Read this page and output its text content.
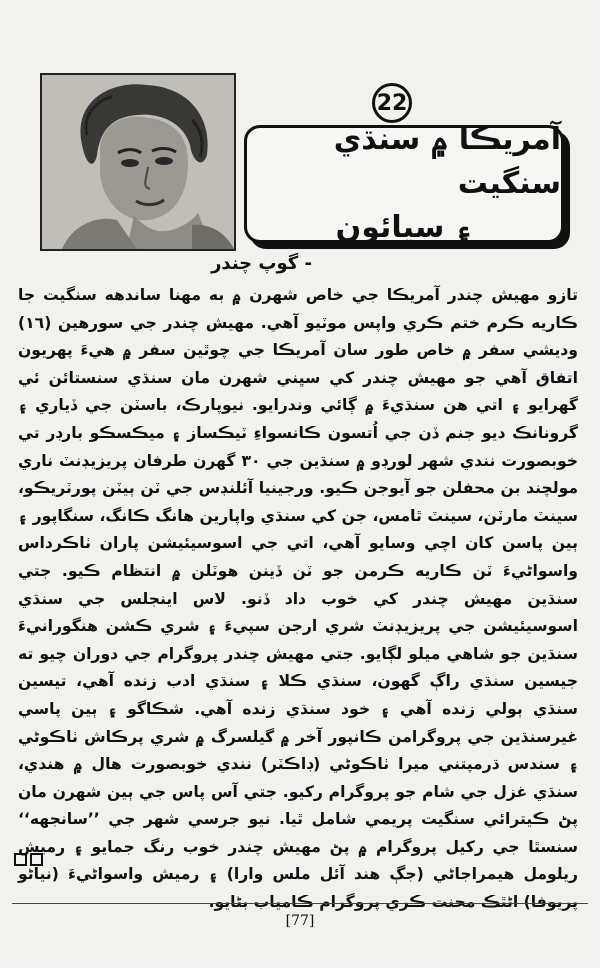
22
آمريڪا ۾ سنڌي سنگيت
۽ سيائون
- گوپ چندر

تازو مهيش چندر آمريڪا جي خاص شهرن ۾ به مهنا ساندهه سنگيت جا ڪاريه ڪرم ختم ڪري واپس موٽيو آهي. مهيش چندر جي سورهين (١٦) وديشي سفر ۾ خاص طور سان آمريڪا جي چوٿين سفر ۾ هيءَ پهريون اتفاق آهي جو مهيش چندر کي سڀني شهرن مان سنڌي سنستائن ئي گهرايو ۽ اتي هن سنڌيءَ ۾ ڳائي وندرايو. نيوپارڪ، باسٽن جي ڏياري ۽ گرونانڪ ديو جنم ڏن جي اُتسون ڪانسواءِ ٽيڪساز ۽ ميڪسڪو بارڊر تي خوبصورت نندي شهر لورڊو ۾ سنڌين جي ٣٠ گهرن طرفان پريزيڊنٽ ناري مولچند بن محفلن جو آيوجن ڪيو. ورجينيا آئلنڊس جي ٽن ٻيٽن پورٽريڪو، سينٽ مارٽن، سينٽ ٿامس، جن کي سنڌي واپارين هانگ ڪانگ، سنگاپور ۽ ٻين پاسن کان اچي وسايو آهي، اتي جي اسوسيئيشن پاران ٺاڪرداس واسواڻيءَ ٽن ڪاريه ڪرمن جو ٽن ڏينن هوٽلن ۾ انتظام ڪيو. جتي سنڌين مهيش چندر کي خوب داد ڏنو. لاس اينجلس جي سنڌي اسوسيئيشن جي پريزيڊنٽ شري ارجن سپيءَ ۽ شري ڪشن هنگورانيءَ سنڌين جو شاهي ميلو لڳايو. جتي مهيش چندر پروگرام جي دوران چيو ته جيسين سنڌي راڳ گهون، سنڌي ڪلا ۽ سنڌي ادب زنده آهي، تيسين سنڌي ٻولي زنده آهي ۽ خود سنڌي زنده آهي. شڪاگو ۽ ٻين پاسي غيرسنڌين جي پروگرامن ڪانپور آخر ۾ گيلسرگ ۾ شري پرڪاش ٺاڪوڻي ۽ سندس ڌرمپتني ميرا ٺاڪوڻي (ڊاڪٽر) نندي خوبصورت هال ۾ هندي، سنڌي غزل جي شام جو پروگرام رکيو. جتي آس پاس جي ٻين شهرن مان پڻ ڪيترائي سنگيت پريمي شامل ٿيا. نيو جرسي شهر جي ’’سانجهه‘‘ سنسٿا جي رکيل پروگرام ۾ پڻ مهيش چندر خوب رنگ جمايو ۽ رميش ريلومل هيمراجاڻي (جڳ هند آئل ملس وارا) ۽ رميش واسواڻيءَ (نياڻو پريوفا) اڻٿڪ محنت ڪري پروگرام ڪامياب بڻايو.

[77]
